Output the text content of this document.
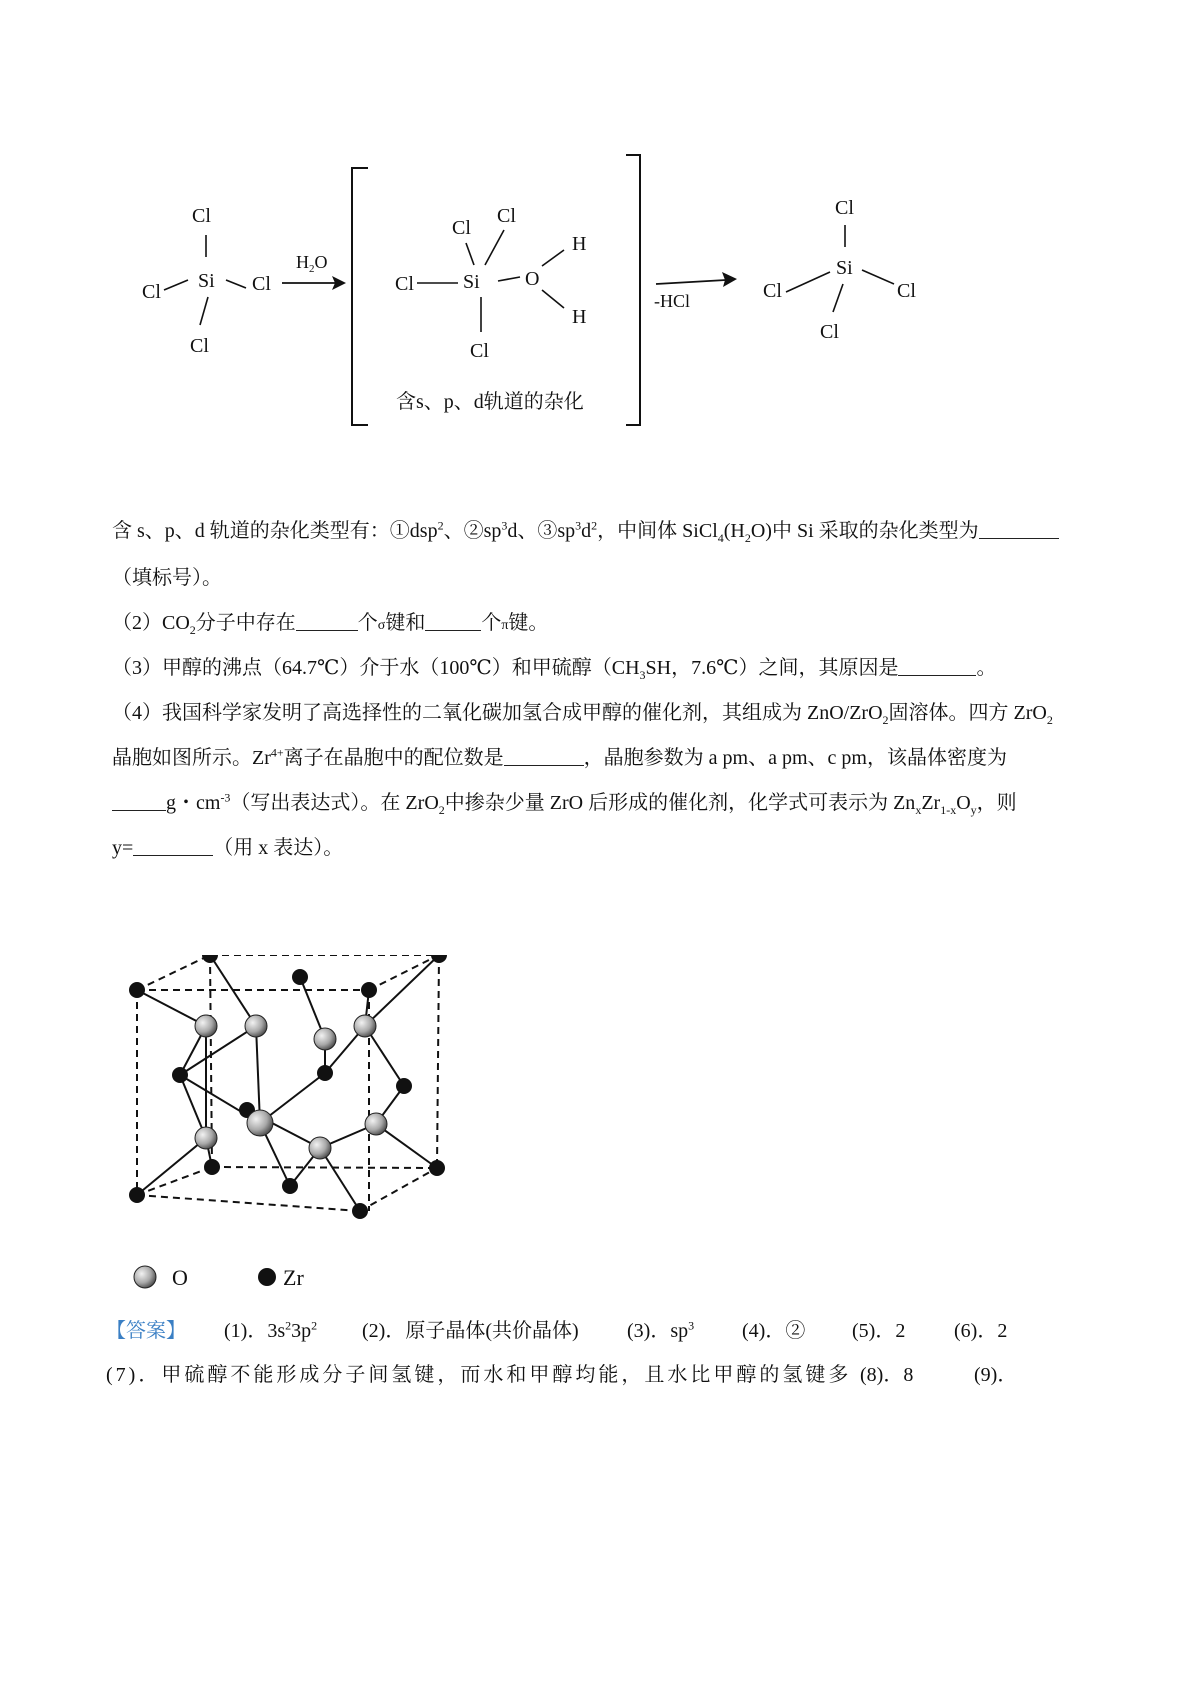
Cl
Si
Cl	Cl
Cl
$H_2O$
Cl
Cl
Si
Cl
Cl
O
H
H
含s、p、d轨道的杂化
-HCl
Cl
Si
Cl	Cl
Cl
含 s、p、d 轨道的杂化类型有：①dsp$^2$、$②sp^3d$、$③sp^3d^2$，中间体 $SiCl_4(H_2O)$中 Si 采取的杂化类型为
（填标号）。
$(2)CO_2$分子中存在	个σ键和	个π键。
（3）甲醇的沸点（64.7℃）介于水（100℃）和甲硫醇（$CH_3SH$，7.6℃）之间，其原因是	。
（4）我国科学家发明了高选择性的二氧化碳加氢合成甲醇的催化剂，其组成为 ZnO/ZrO$_2$固溶体。四方 ZrO$_2$
晶胞如图所示。$Zr^{4+}$离子在晶胞中的配位数是	，晶胞参数为 a pm、a pm、c pm，该晶体密度为
g・$cm^{-3}$（写出表达式）。在 ZrO$_2$中掺杂少量 ZrO 后形成的催化剂，化学式可表示为 $Zn_xZr_{1-x}O_y$，则
y=	（用 x 表达）。
O	Zr
【答案】 (1)．$3s^23p^2$ (2)．原子晶体(共价晶体) (3)．$sp^3$ (4)．② (5)．2 (6)．2
(7)．甲硫醇不能形成分子间氢键，而水和甲醇均能，且水比甲醇的氢键多 (8)．8	(9)．
